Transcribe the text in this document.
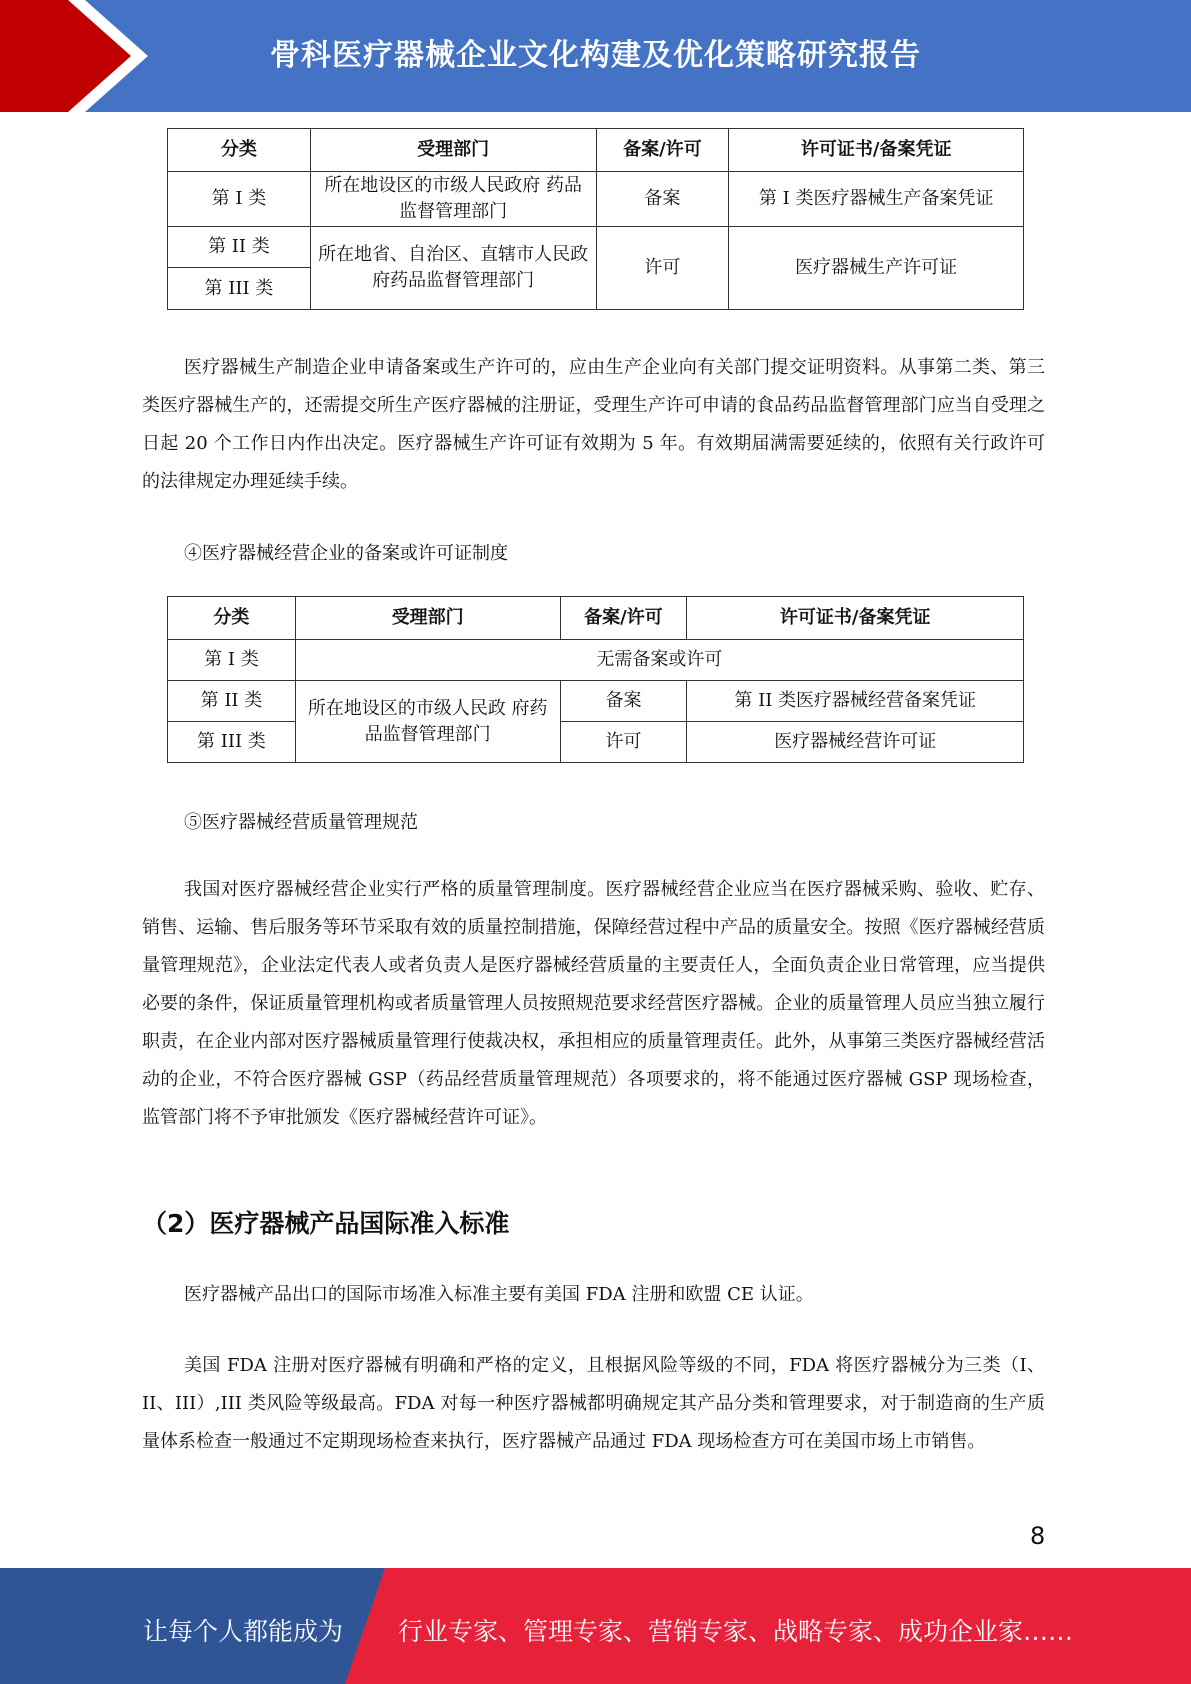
骨科医疗器械企业文化构建及优化策略研究报告
分类	受理部门	备案/许可	许可证书/备案凭证
第 I 类	所在地设区的市级人民政府 药品监督管理部门	备案	第 I 类医疗器械生产备案凭证
第 II 类	所在地省、自治区、直辖市人民政府药品监督管理部门	许可	医疗器械生产许可证
第 III 类			

医疗器械生产制造企业申请备案或生产许可的，应由生产企业向有关部门提交证明资料。从事第二类、第三类医疗器械生产的，还需提交所生产医疗器械的注册证，受理生产许可申请的食品药品监督管理部门应当自受理之日起 20 个工作日内作出决定。医疗器械生产许可证有效期为 5 年。有效期届满需要延续的，依照有关行政许可的法律规定办理延续手续。

④医疗器械经营企业的备案或许可证制度

分类	受理部门	备案/许可	许可证书/备案凭证
第 I 类	无需备案或许可		
第 II 类	所在地设区的市级人民政 府药品监督管理部门	备案	第 II 类医疗器械经营备案凭证
第 III 类		许可	医疗器械经营许可证

⑤医疗器械经营质量管理规范

我国对医疗器械经营企业实行严格的质量管理制度。医疗器械经营企业应当在医疗器械采购、验收、贮存、销售、运输、售后服务等环节采取有效的质量控制措施，保障经营过程中产品的质量安全。按照《医疗器械经营质量管理规范》，企业法定代表人或者负责人是医疗器械经营质量的主要责任人，全面负责企业日常管理，应当提供必要的条件，保证质量管理机构或者质量管理人员按照规范要求经营医疗器械。企业的质量管理人员应当独立履行职责，在企业内部对医疗器械质量管理行使裁决权，承担相应的质量管理责任。此外，从事第三类医疗器械经营活动的企业，不符合医疗器械 GSP（药品经营质量管理规范）各项要求的，将不能通过医疗器械 GSP 现场检查，监管部门将不予审批颁发《医疗器械经营许可证》。

（2）医疗器械产品国际准入标准

医疗器械产品出口的国际市场准入标准主要有美国 FDA 注册和欧盟 CE 认证。

美国 FDA 注册对医疗器械有明确和严格的定义，且根据风险等级的不同，FDA 将医疗器械分为三类（I、II、III）,III 类风险等级最高。FDA 对每一种医疗器械都明确规定其产品分类和管理要求，对于制造商的生产质量体系检查一般通过不定期现场检查来执行，医疗器械产品通过 FDA 现场检查方可在美国市场上市销售。

8
让每个人都能成为 行业专家、管理专家、营销专家、战略专家、成功企业家……
